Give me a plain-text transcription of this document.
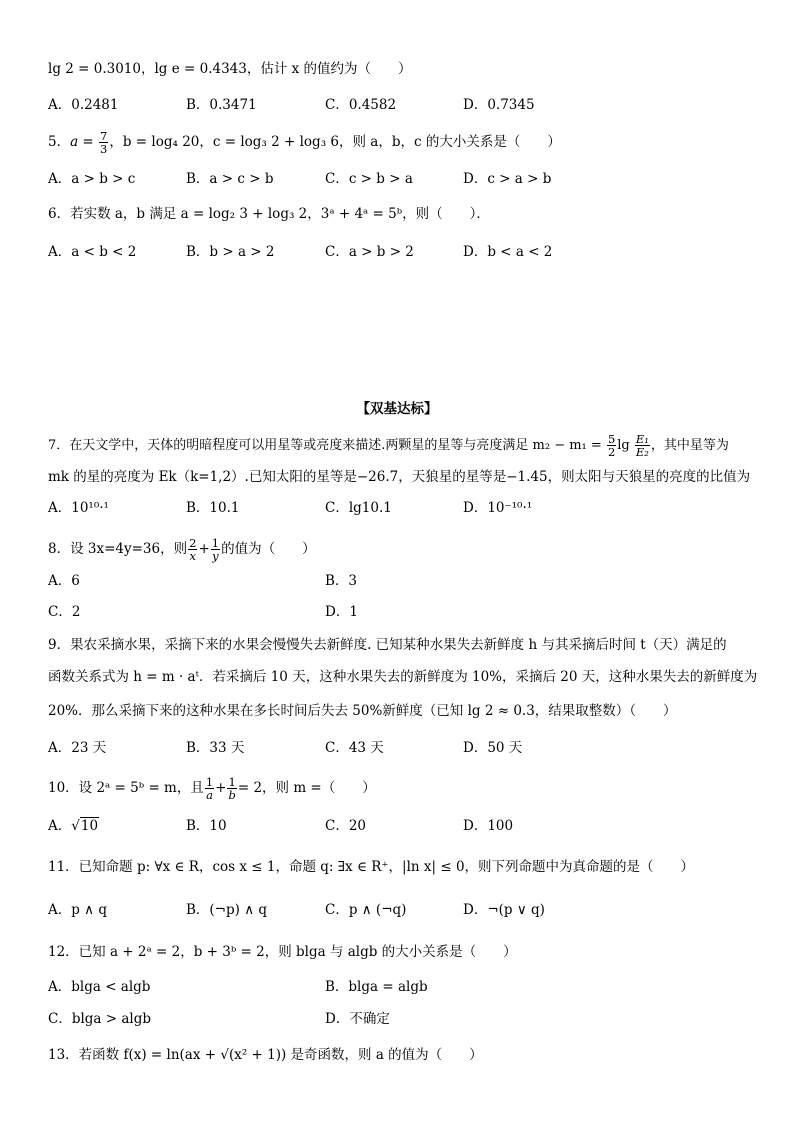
lg 2 = 0.3010，lg e = 0.4343，估计 x 的值约为（　　）
A．0.2481	B．0.3471	C．0.4582	D．0.7345
5．$a = \frac{7}{3}$ ，b = log₄ 20，c = log₃ 2 + log₃ 6，则 a，b，c 的大小关系是（　　）
A．a > b > c	B．a > c > b	C．c > b > a	D．c > a > b
6．若实数 a，b 满足 a = log₂ 3 + log₃ 2，3ᵃ + 4ᵃ = 5ᵇ，则（　　）．
A．a < b < 2	B．b > a > 2	C．a > b > 2	D．b < a < 2
【双基达标】
7．在天文学中，天体的明暗程度可以用星等或亮度来描述.两颗星的星等与亮度满足 $m_2 - m_1 = \frac{5}{2}$ $\lg \frac{\text{E₁}}{\text{E₂}}$ ，其中星等为
mk 的星的亮度为 Ek（k=1,2）.已知太阳的星等是−26.7，天狼星的星等是−1.45，则太阳与天狼星的亮度的比值为
A．10¹⁰·¹	B．10.1	C．lg10.1	D．10⁻¹⁰·¹
8．设 3x=4y=36，则 $\frac{2}{x} + \frac{1}{y}$ 的值为（　　）
A．6	B．3
C．2	D．1
9．果农采摘水果，采摘下来的水果会慢慢失去新鲜度. 已知某种水果失去新鲜度 h 与其采摘后时间 t（天）满足的
函数关系式为 h = m · aᵗ．若采摘后 10 天，这种水果失去的新鲜度为 10%，采摘后 20 天，这种水果失去的新鲜度为
20%．那么采摘下来的这种水果在多长时间后失去 50%新鲜度（已知 lg 2 ≈ 0.3，结果取整数）（　　）
A．23 天	B．33 天	C．43 天	D．50 天
10．设 2ᵃ = 5ᵇ = m，且 $\frac{1}{a} + \frac{1}{b} = 2$，则 m =（　　）
A．√10	B．10	C．20	D．100
11．已知命题 p: ∀x ∈ R，cos x ≤ 1，命题 q: ∃x ∈ R⁺，|ln x| ≤ 0，则下列命题中为真命题的是（　　）
A．p ∧ q	B．(¬p) ∧ q	C．p ∧ (¬q)	D．¬(p ∨ q)
12．已知 a + 2ᵃ = 2，b + 3ᵇ = 2，则 blga 与 algb 的大小关系是（　　）
A．blga < algb	B．blga = algb
C．blga > algb	D．不确定
13．若函数 f(x) = ln(ax + √(x² + 1)) 是奇函数，则 a 的值为（　　）
